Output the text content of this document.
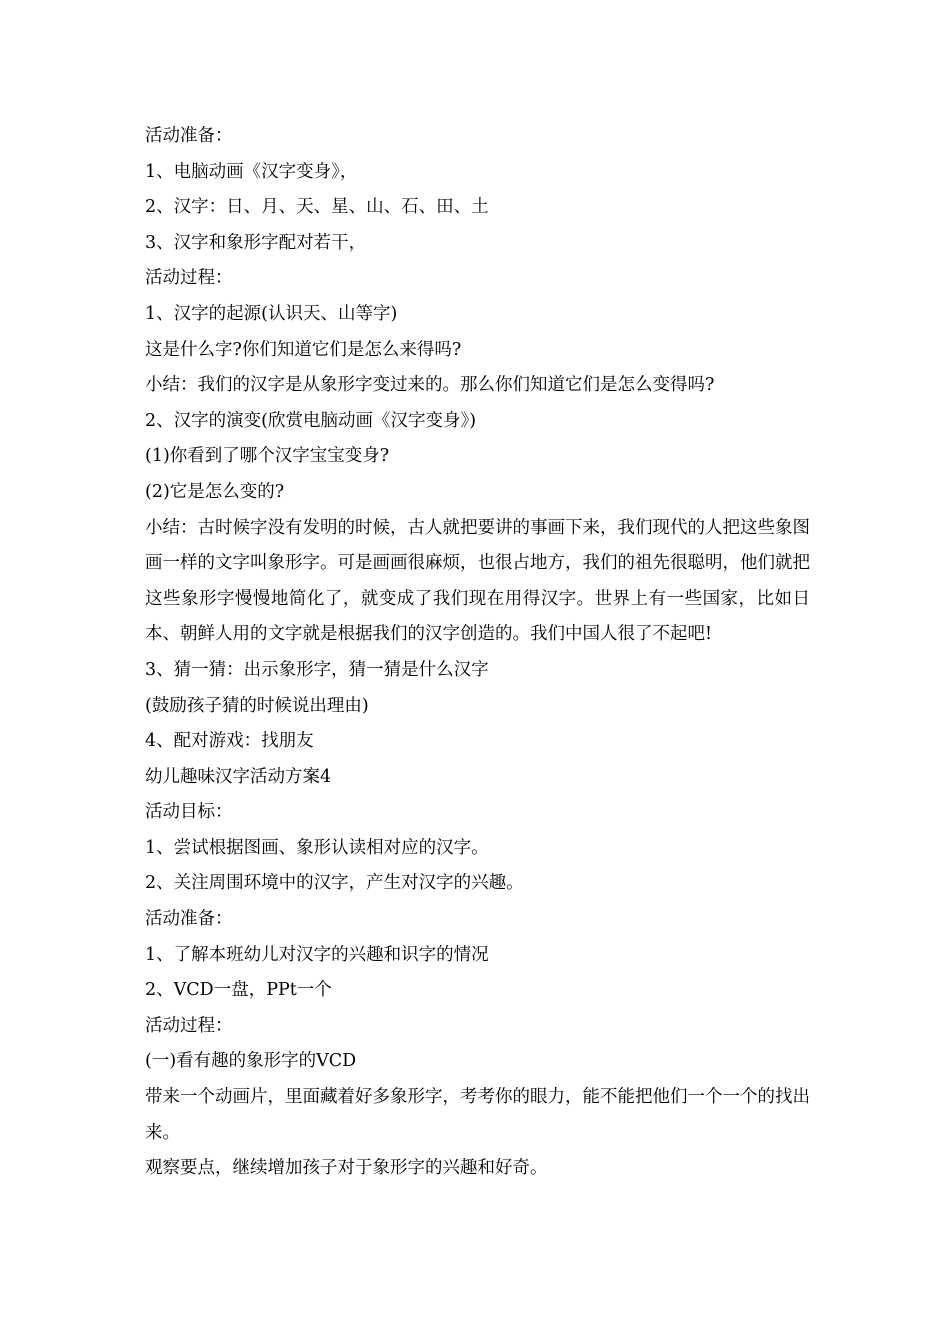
活动准备：

1、电脑动画《汉字变身》，

2、汉字：日、月、天、星、山、石、田、土

3、汉字和象形字配对若干，

活动过程：

1、汉字的起源(认识天、山等字)

这是什么字?你们知道它们是怎么来得吗?

小结：我们的汉字是从象形字变过来的。那么你们知道它们是怎么变得吗?

2、汉字的演变(欣赏电脑动画《汉字变身》)

(1)你看到了哪个汉字宝宝变身?

(2)它是怎么变的?

小结：古时候字没有发明的时候，古人就把要讲的事画下来，我们现代的人把这些象图画一样的文字叫象形字。可是画画很麻烦，也很占地方，我们的祖先很聪明，他们就把这些象形字慢慢地简化了，就变成了我们现在用得汉字。世界上有一些国家，比如日本、朝鲜人用的文字就是根据我们的汉字创造的。我们中国人很了不起吧!

3、猜一猜：出示象形字，猜一猜是什么汉字

(鼓励孩子猜的时候说出理由)

4、配对游戏：找朋友

幼儿趣味汉字活动方案4

活动目标：

1、尝试根据图画、象形认读相对应的汉字。

2、关注周围环境中的汉字，产生对汉字的兴趣。

活动准备：

1、了解本班幼儿对汉字的兴趣和识字的情况

2、VCD一盘，PPt一个

活动过程：

(一)看有趣的象形字的VCD

带来一个动画片，里面藏着好多象形字，考考你的眼力，能不能把他们一个一个的找出来。

观察要点，继续增加孩子对于象形字的兴趣和好奇。
